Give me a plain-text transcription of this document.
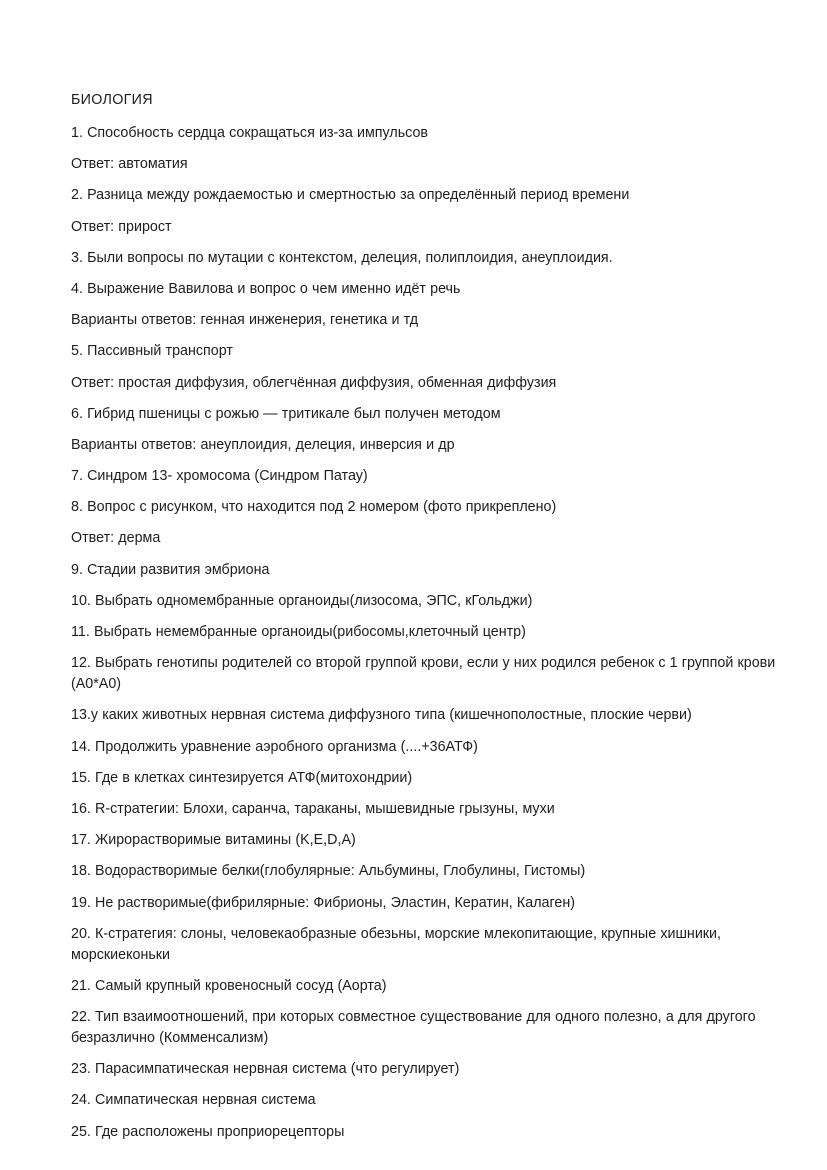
БИОЛОГИЯ

1. Способность сердца сокращаться из-за импульсов

Ответ: автоматия

2. Разница между рождаемостью и смертностью за определённый период времени

Ответ: прирост

3. Были вопросы по мутации с контекстом, делеция, полиплоидия, анеуплоидия.

4. Выражение Вавилова и вопрос о чем именно идёт речь

Варианты ответов: генная инженерия, генетика и тд

5. Пассивный транспорт

Ответ: простая диффузия, облегчённая диффузия, обменная диффузия

6. Гибрид пшеницы с рожью — тритикале был получен методом

Варианты ответов: анеуплоидия, делеция, инверсия и др

7. Синдром 13- хромосома (Синдром Патау)

8. Вопрос с рисунком, что находится под 2 номером (фото прикреплено)

Ответ: дерма

9. Стадии развития эмбриона

10. Выбрать одномембранные органоиды(лизосома, ЭПС, кГольджи)

11. Выбрать немембранные органоиды(рибосомы,клеточный центр)

12. Выбрать генотипы родителей со второй группой крови, если у них родился ребенок с 1 группой крови (А0*А0)

13.у каких животных нервная система диффузного типа (кишечнополостные, плоские черви)

14. Продолжить уравнение аэробного организма (....+36АТФ)

15. Где в клетках синтезируется АТФ(митохондрии)

16. R-стратегии: Блохи, саранча, тараканы, мышевидные грызуны, мухи

17. Жирорастворимые витамины (K,E,D,A)

18. Водорастворимые белки(глобулярные: Альбумины, Глобулины, Гистомы)

19. Не растворимые(фибрилярные: Фибрионы, Эластин, Кератин, Калаген)

20. К-стратегия: слоны, человекаобразные обезьны, морские млекопитающие, крупные хишники, морскиеконьки

21. Самый крупный кровеносный сосуд (Аорта)

22. Тип взаимоотношений, при которых совместное существование для одного полезно, а для другого безразлично (Комменсализм)

23. Парасимпатическая нервная система (что регулирует)

24. Симпатическая нервная система

25. Где расположены проприорецепторы
